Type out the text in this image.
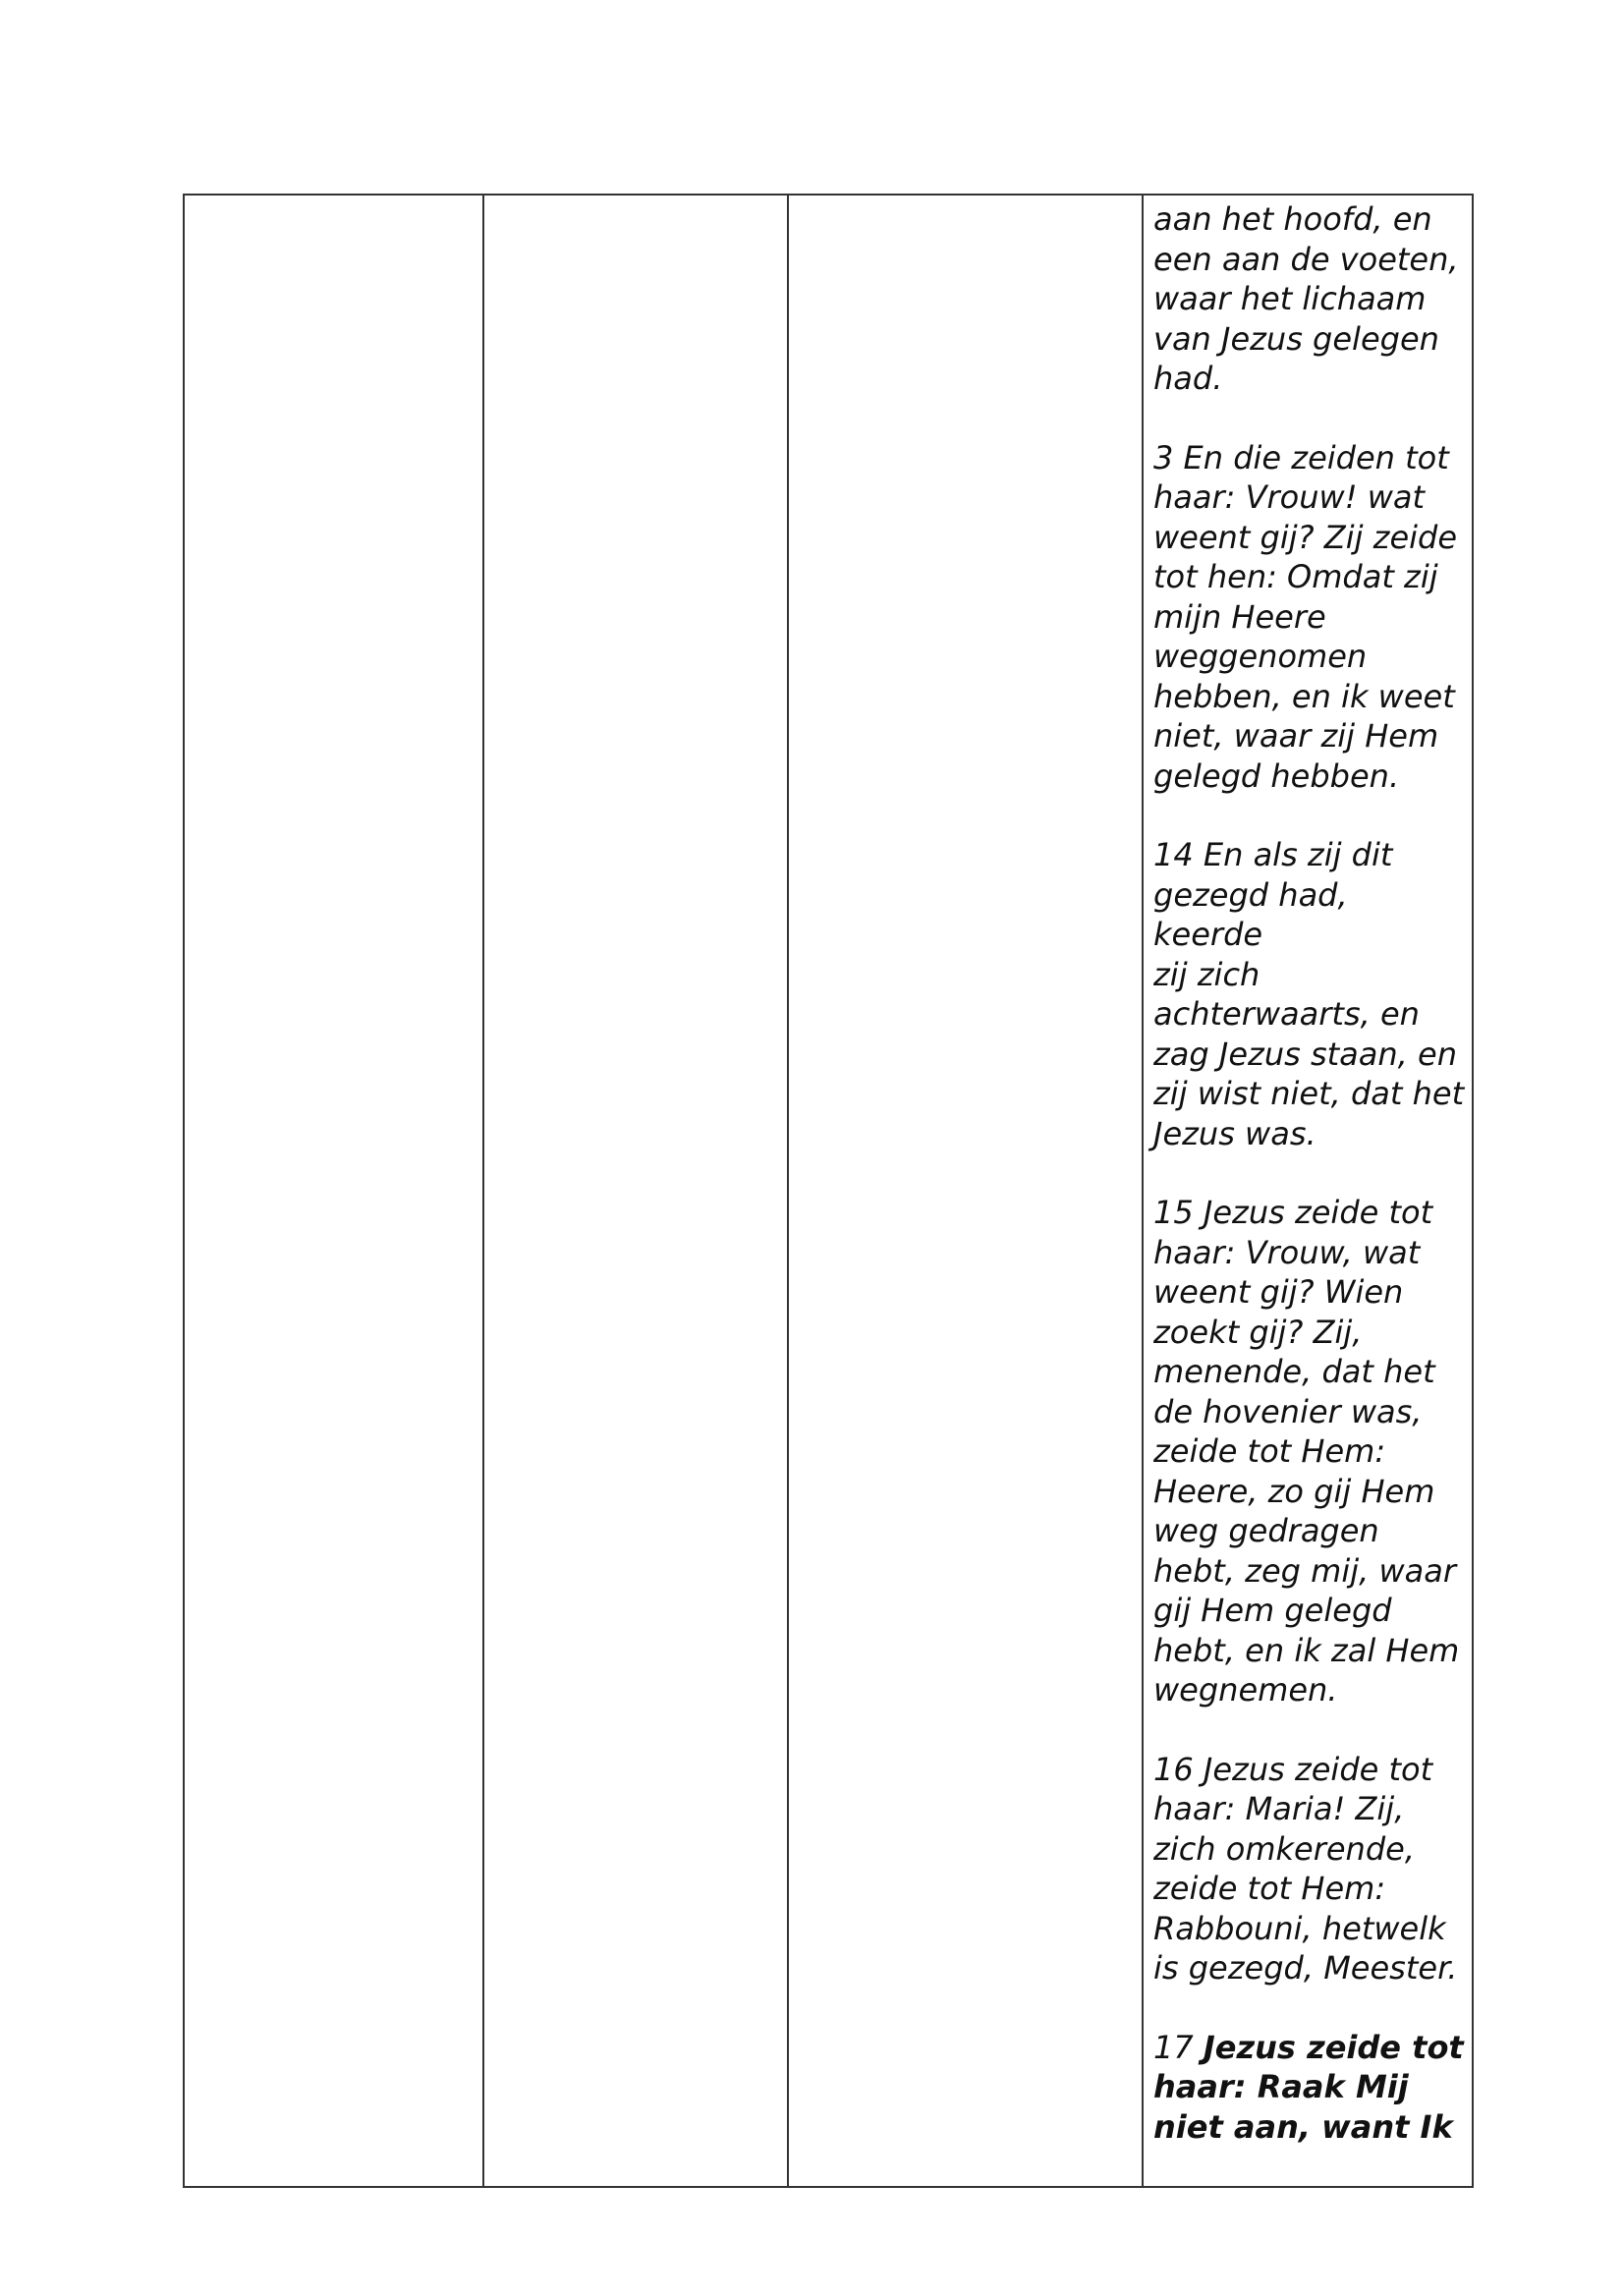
aan het hoofd, en
een aan de voeten,
waar het lichaam
van Jezus gelegen
had.

3 En die zeiden tot
haar: Vrouw! wat
weent gij? Zij zeide
tot hen: Omdat zij
mijn Heere
weggenomen
hebben, en ik weet
niet, waar zij Hem
gelegd hebben.

14 En als zij dit
gezegd had, keerde
zij zich
achterwaarts, en
zag Jezus staan, en
zij wist niet, dat het
Jezus was.

15 Jezus zeide tot
haar: Vrouw, wat
weent gij? Wien
zoekt gij? Zij,
menende, dat het
de hovenier was,
zeide tot Hem:
Heere, zo gij Hem
weg gedragen
hebt, zeg mij, waar
gij Hem gelegd
hebt, en ik zal Hem
wegnemen.

16 Jezus zeide tot
haar: Maria! Zij,
zich omkerende,
zeide tot Hem:
Rabbouni, hetwelk
is gezegd, Meester.

17 Jezus zeide tot
haar: Raak Mij
niet aan, want Ik
